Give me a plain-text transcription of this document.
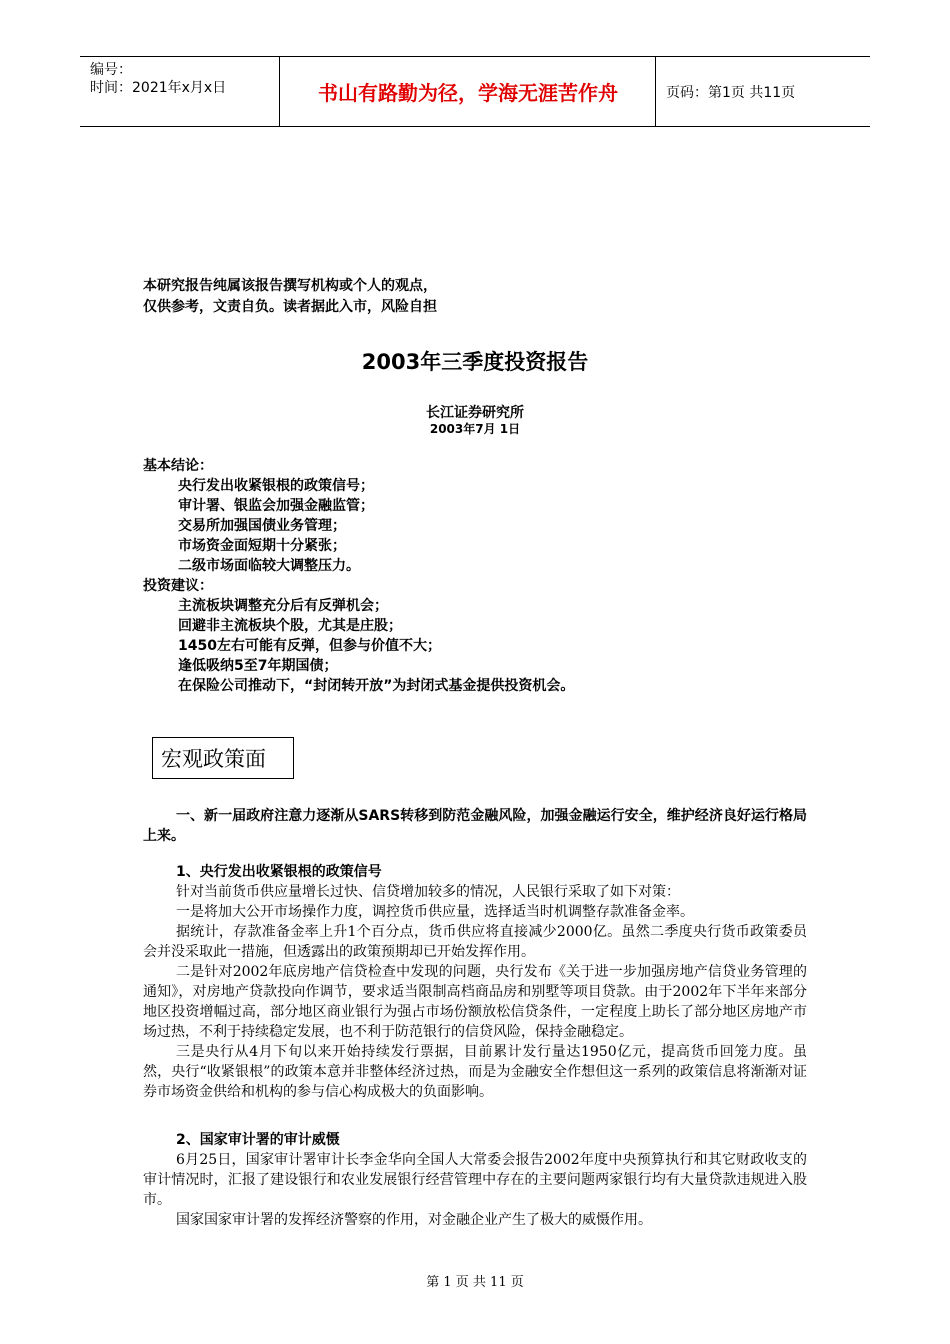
编号：
时间：2021年x月x日	书山有路勤为径，学海无涯苦作舟	页码：第1页 共11页
本研究报告纯属该报告撰写机构或个人的观点，
仅供参考，文责自负。读者据此入市，风险自担
2003年三季度投资报告
长江证券研究所
2003年7月 1日
基本结论：
央行发出收紧银根的政策信号；
审计署、银监会加强金融监管；
交易所加强国债业务管理；
市场资金面短期十分紧张；
二级市场面临较大调整压力。
投资建议：
主流板块调整充分后有反弹机会；
回避非主流板块个股，尤其是庄股；
1450左右可能有反弹，但参与价值不大；
逢低吸纳5至7年期国债；
在保险公司推动下，“封闭转开放”为封闭式基金提供投资机会。
宏观政策面
一、新一届政府注意力逐渐从SARS转移到防范金融风险，加强金融运行安全，维护经济良好运行格局上来。

1、央行发出收紧银根的政策信号

针对当前货币供应量增长过快、信贷增加较多的情况，人民银行采取了如下对策：

一是将加大公开市场操作力度，调控货币供应量，选择适当时机调整存款准备金率。

据统计，存款准备金率上升1个百分点，货币供应将直接减少2000亿。虽然二季度央行货币政策委员会并没采取此一措施，但透露出的政策预期却已开始发挥作用。

二是针对2002年底房地产信贷检查中发现的问题，央行发布《关于进一步加强房地产信贷业务管理的通知》，对房地产贷款投向作调节，要求适当限制高档商品房和别墅等项目贷款。由于2002年下半年来部分地区投资增幅过高，部分地区商业银行为强占市场份额放松信贷条件，一定程度上助长了部分地区房地产市场过热，不利于持续稳定发展，也不利于防范银行的信贷风险，保持金融稳定。

三是央行从4月下旬以来开始持续发行票据，目前累计发行量达1950亿元，提高货币回笼力度。虽然，央行“收紧银根”的政策本意并非整体经济过热，而是为金融安全作想但这一系列的政策信息将渐渐对证券市场资金供给和机构的参与信心构成极大的负面影响。

2、国家审计署的审计威慑

6月25日，国家审计署审计长李金华向全国人大常委会报告2002年度中央预算执行和其它财政收支的审计情况时，汇报了建设银行和农业发展银行经营管理中存在的主要问题两家银行均有大量贷款违规进入股市。

国家国家审计署的发挥经济警察的作用，对金融企业产生了极大的威慑作用。

第 1 页 共 11 页
